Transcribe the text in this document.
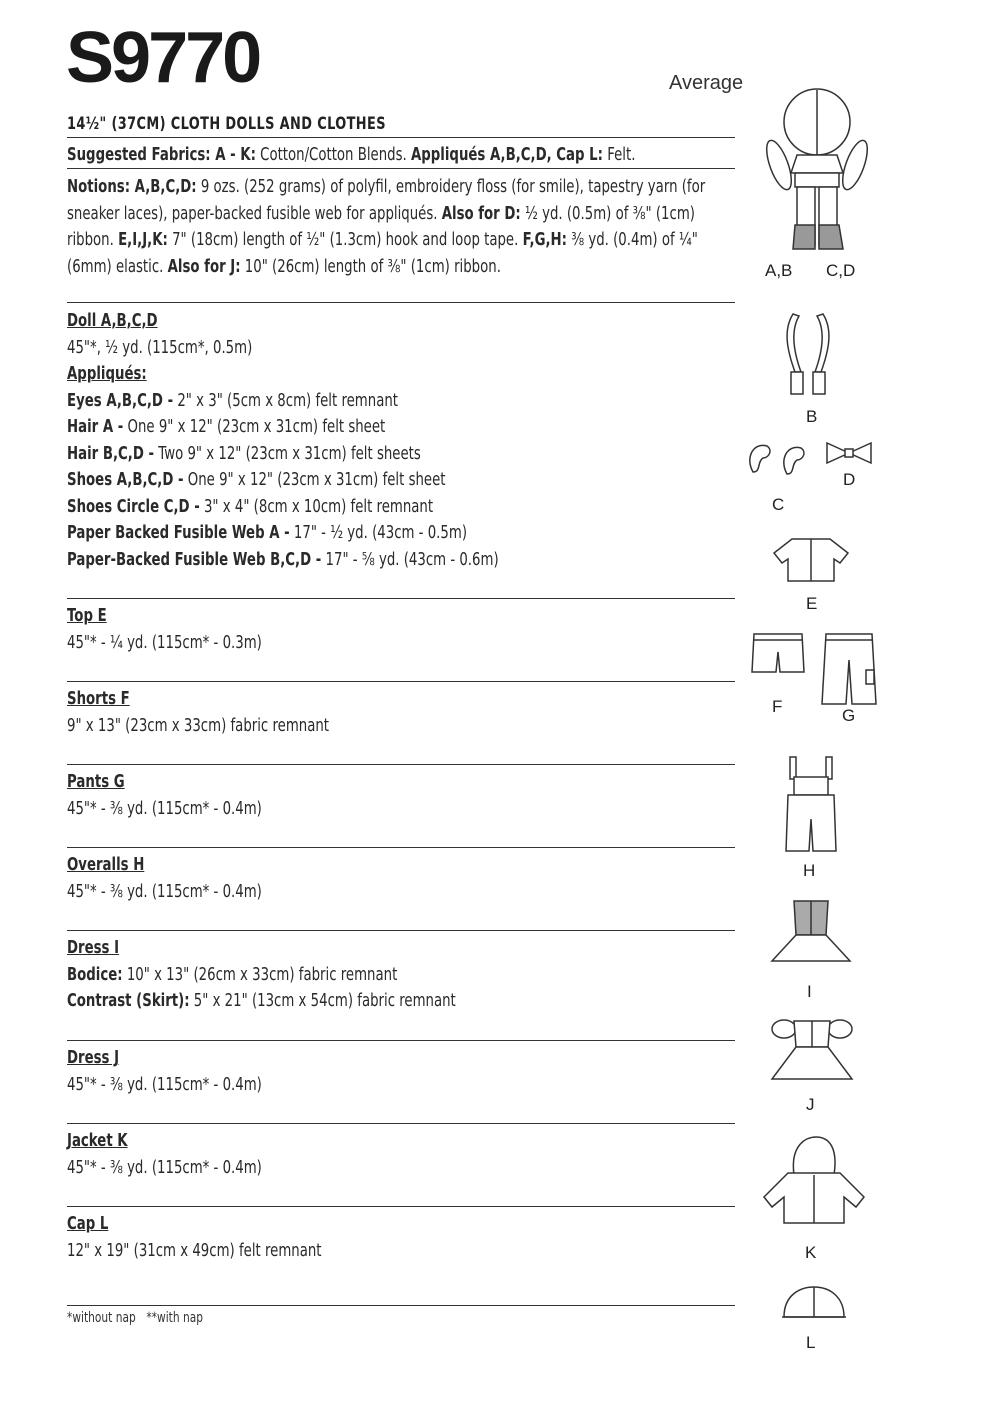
S9770	Average
14½" (37CM) CLOTH DOLLS AND CLOTHES
Suggested Fabrics: A - K: Cotton/Cotton Blends. Appliqués A,B,C,D, Cap L: Felt.

Notions: A,B,C,D: 9 ozs. (252 grams) of polyfil, embroidery floss (for smile), tapestry yarn (for

sneaker laces), paper-backed fusible web for appliqués. Also for D: ½ yd. (0.5m) of ⅜" (1cm)

ribbon. E,I,J,K: 7" (18cm) length of ½" (1.3cm) hook and loop tape. F,G,H: ⅜ yd. (0.4m) of ¼"

(6mm) elastic. Also for J: 10" (26cm) length of ⅜" (1cm) ribbon.

Doll A,B,C,D
45"*, ½ yd. (115cm*, 0.5m)
Appliqués:
Eyes A,B,C,D - 2" x 3" (5cm x 8cm) felt remnant
Hair A - One 9" x 12" (23cm x 31cm) felt sheet
Hair B,C,D - Two 9" x 12" (23cm x 31cm) felt sheets
Shoes A,B,C,D - One 9" x 12" (23cm x 31cm) felt sheet
Shoes Circle C,D - 3" x 4" (8cm x 10cm) felt remnant
Paper Backed Fusible Web A - 17" - ½ yd. (43cm - 0.5m)
Paper-Backed Fusible Web B,C,D - 17" - ⅝ yd. (43cm - 0.6m)
Top E
45"* - ¼ yd. (115cm* - 0.3m)
Shorts F
9" x 13" (23cm x 33cm) fabric remnant
Pants G
45"* - ⅜ yd. (115cm* - 0.4m)
Overalls H
45"* - ⅜ yd. (115cm* - 0.4m)
Dress I
Bodice: 10" x 13" (26cm x 33cm) fabric remnant
Contrast (Skirt): 5" x 21" (13cm x 54cm) fabric remnant
Dress J
45"* - ⅜ yd. (115cm* - 0.4m)
Jacket K
45"* - ⅜ yd. (115cm* - 0.4m)
Cap L
12" x 19" (31cm x 49cm) felt remnant
*without nap **with nap
A,B C,D
B
C
D
E
F	G
H
I
J
K
L
